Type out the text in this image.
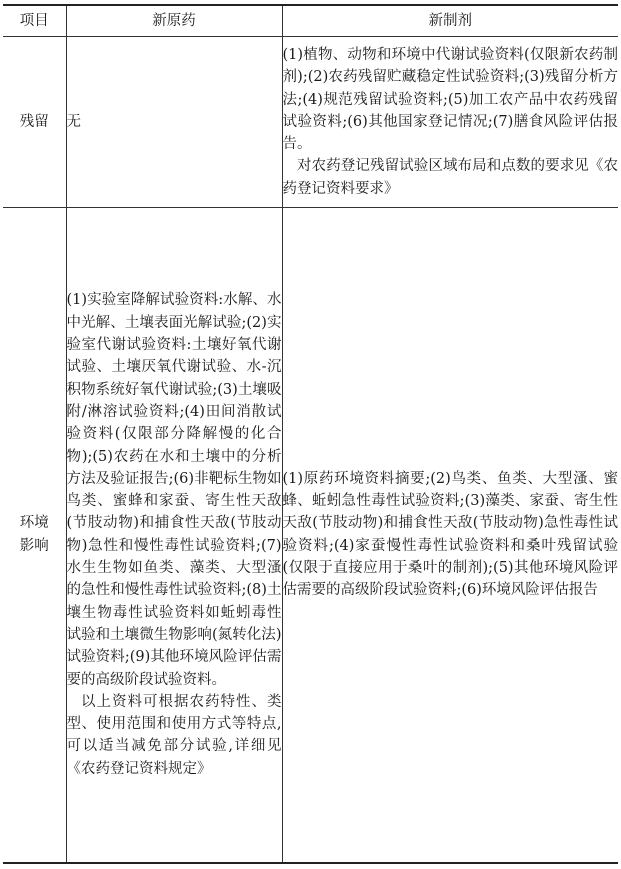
项目	新原药	新制剂
残留	无	(1)植物、动物和环境中代谢试验资料(仅限新农药制剂);(2)农药残留贮藏稳定性试验资料;(3)残留分析方法;(4)规范残留试验资料;(5)加工农产品中农药残留试验资料;(6)其他国家登记情况;(7)膳食风险评估报告。

对农药登记残留试验区域布局和点数的要求见《农药登记资料要求》

环境影响	(1)实验室降解试验资料:水解、水中光解、土壤表面光解试验;(2)实验室代谢试验资料:土壤好氧代谢试验、土壤厌氧代谢试验、水-沉积物系统好氧代谢试验;(3)土壤吸附/淋溶试验资料;(4)田间消散试验资料(仅限部分降解慢的化合物);(5)农药在水和土壤中的分析方法及验证报告;(6)非靶标生物如鸟类、蜜蜂和家蚕、寄生性天敌(节肢动物)和捕食性天敌(节肢动物)急性和慢性毒性试验资料;(7)水生生物如鱼类、藻类、大型溞的急性和慢性毒性试验资料;(8)土壤生物毒性试验资料如蚯蚓毒性试验和土壤微生物影响(氮转化法)试验资料;(9)其他环境风险评估需要的高级阶段试验资料。

以上资料可根据农药特性、类型、使用范围和使用方式等特点,可以适当减免部分试验,详细见《农药登记资料规定》	(1)原药环境资料摘要;(2)鸟类、鱼类、大型溞、蜜蜂、蚯蚓急性毒性试验资料;(3)藻类、家蚕、寄生性天敌(节肢动物)和捕食性天敌(节肢动物)急性毒性试验资料;(4)家蚕慢性毒性试验资料和桑叶残留试验(仅限于直接应用于桑叶的制剂);(5)其他环境风险评估需要的高级阶段试验资料;(6)环境风险评估报告
